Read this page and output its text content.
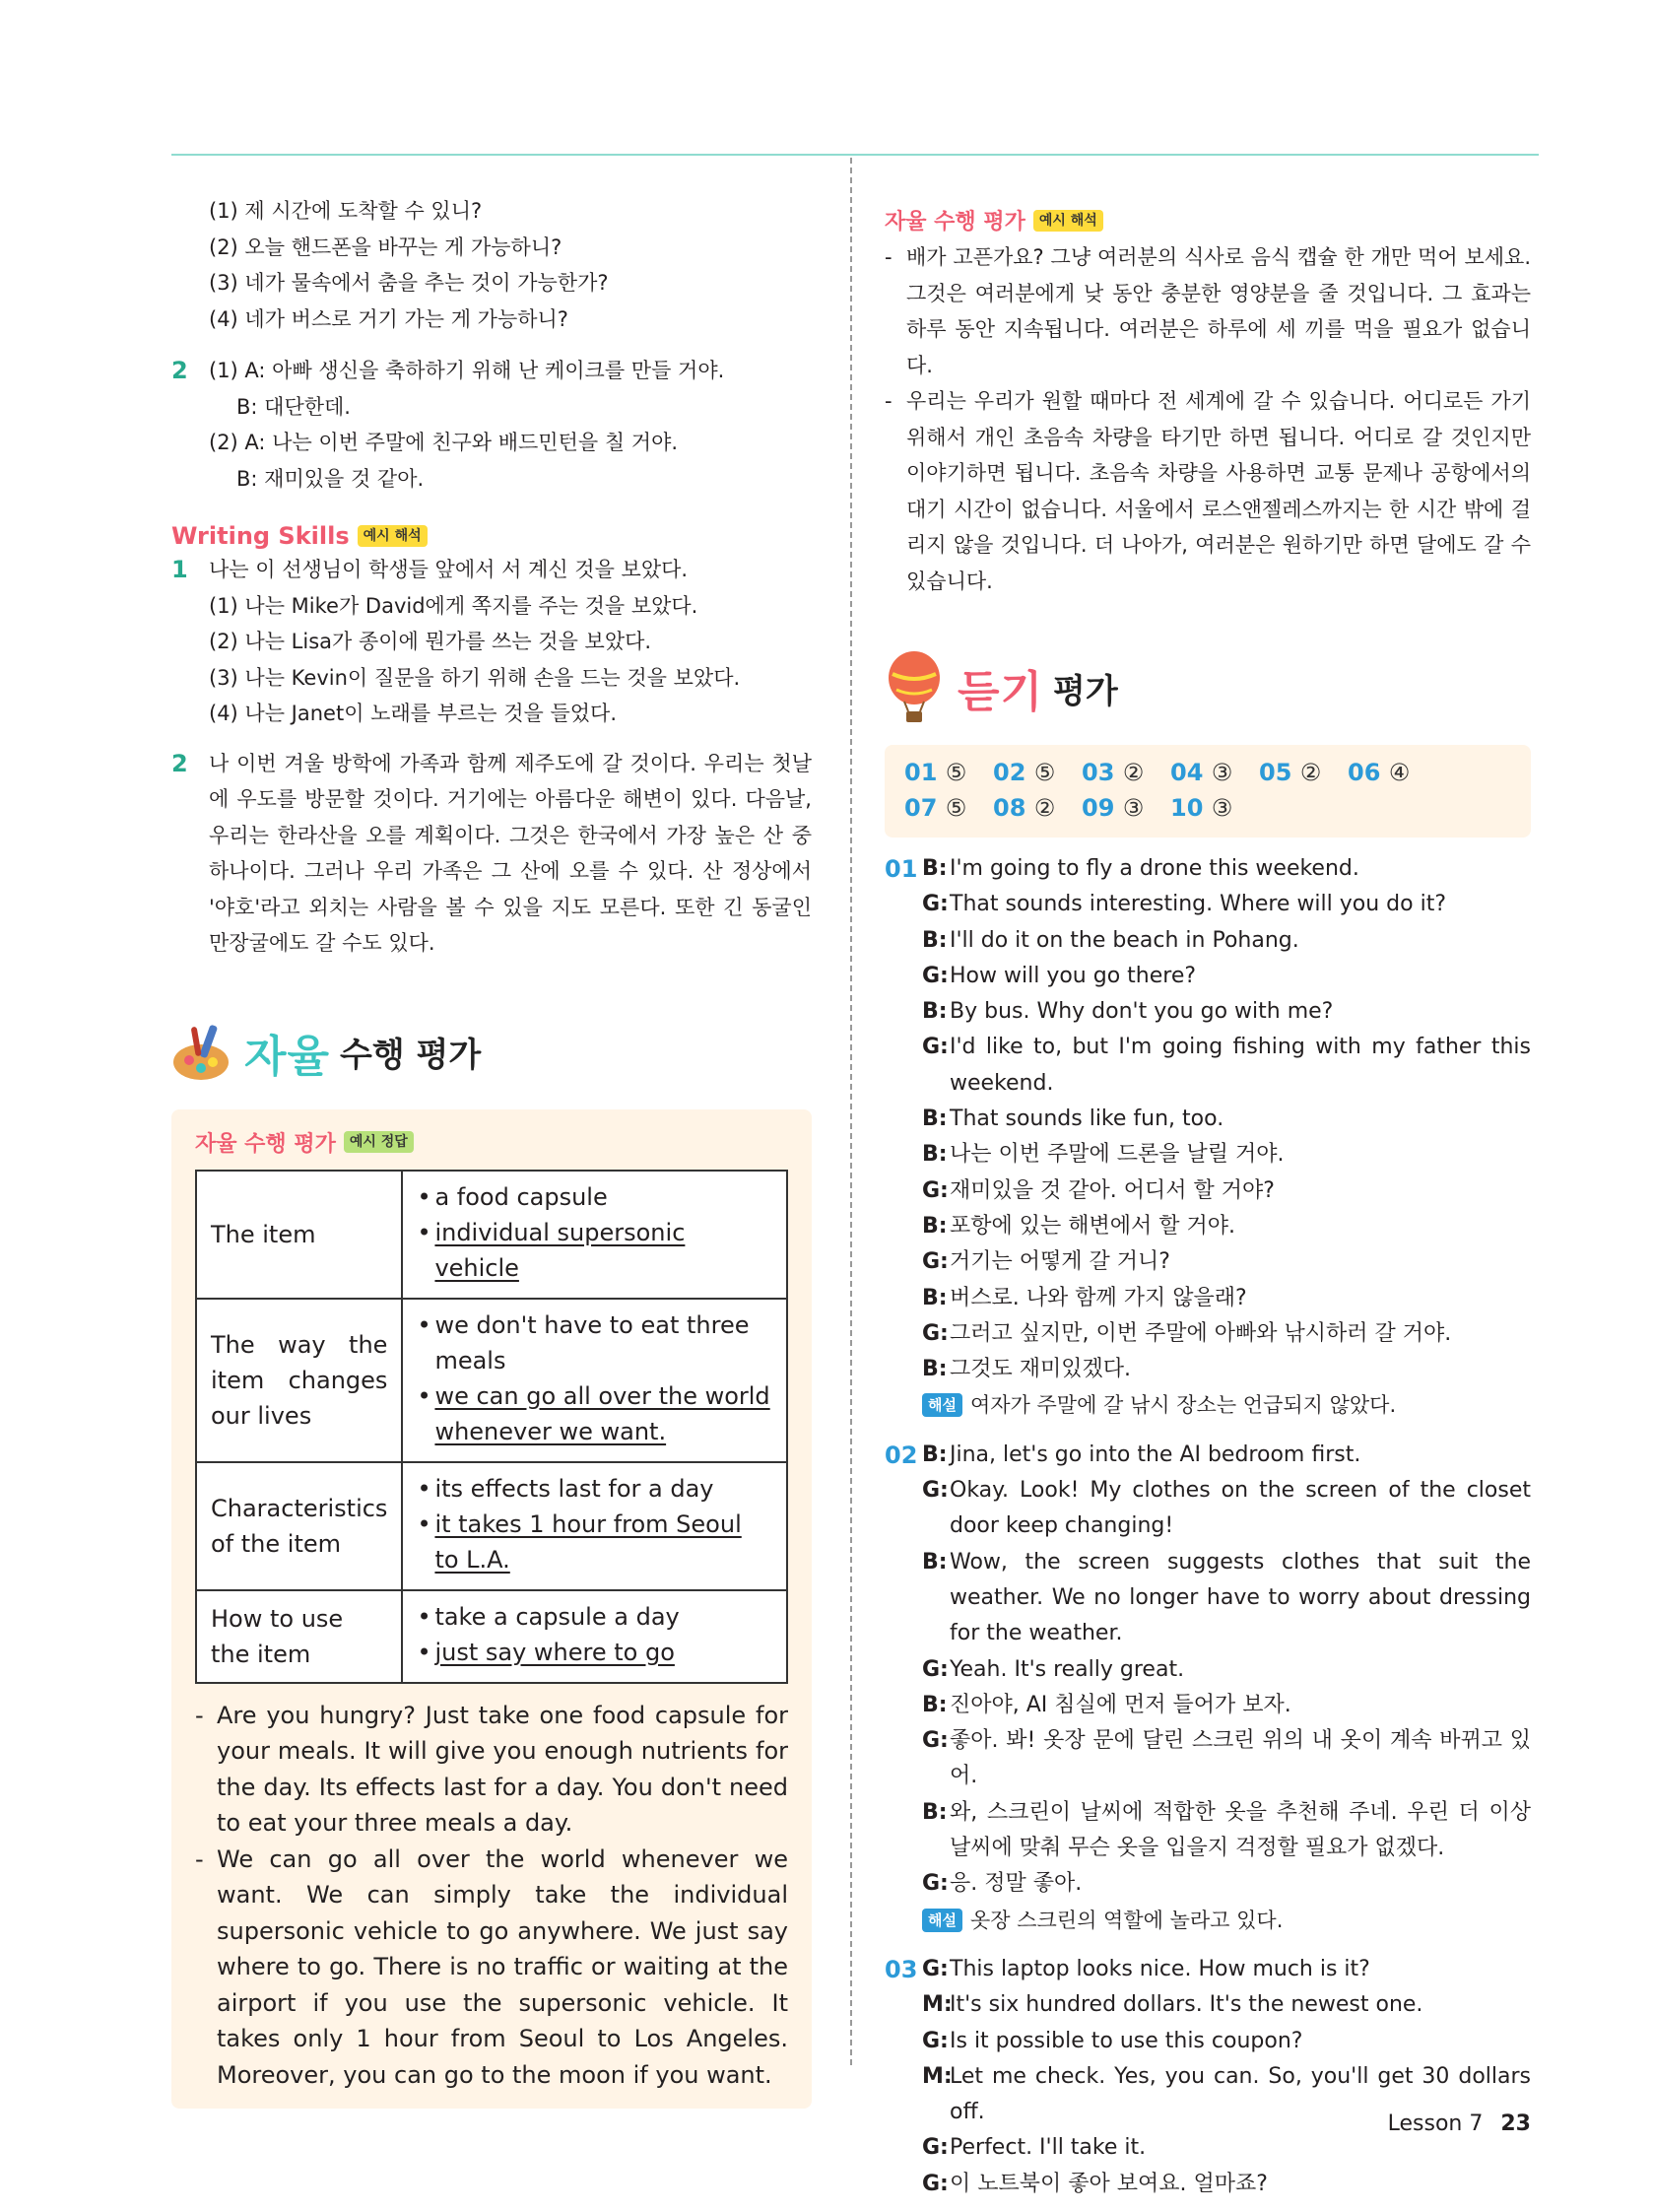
(1) 제 시간에 도착할 수 있니?
(2) 오늘 핸드폰을 바꾸는 게 가능하니?
(3) 네가 물속에서 춤을 추는 것이 가능한가?
(4) 네가 버스로 거기 가는 게 가능하니?
2	(1) A: 아빠 생신을 축하하기 위해 난 케이크를 만들 거야.
B: 대단한데.
(2) A: 나는 이번 주말에 친구와 배드민턴을 칠 거야.
B: 재미있을 것 같아.
Writing Skills	예시 해석
1	나는 이 선생님이 학생들 앞에서 서 계신 것을 보았다.
(1) 나는 Mike가 David에게 쪽지를 주는 것을 보았다.
(2) 나는 Lisa가 종이에 뭔가를 쓰는 것을 보았다.
(3) 나는 Kevin이 질문을 하기 위해 손을 드는 것을 보았다.
(4) 나는 Janet이 노래를 부르는 것을 들었다.
2	나 이번 겨울 방학에 가족과 함께 제주도에 갈 것이다. 우리는 첫날에 우도를 방문할 것이다. 거기에는 아름다운 해변이 있다. 다음날, 우리는 한라산을 오를 계획이다. 그것은 한국에서 가장 높은 산 중 하나이다. 그러나 우리 가족은 그 산에 오를 수 있다. 산 정상에서 '야호'라고 외치는 사람을 볼 수 있을 지도 모른다. 또한 긴 동굴인 만장굴에도 갈 수도 있다.
자율 수행 평가
자율 수행 평가	예시 정답
The item	• a food capsule
• individual supersonic vehicle

The way the item changes our lives	• we don't have to eat three meals
• we can go all over the world whenever we want.

Characteristics of the item	• its effects last for a day
• it takes 1 hour from Seoul to L.A.

How to use the item	• take a capsule a day
• just say where to go
- Are you hungry? Just take one food capsule for your meals. It will give you enough nutrients for the day. Its effects last for a day. You don't need to eat your three meals a day.
- We can go all over the world whenever we want. We can simply take the individual supersonic vehicle to go anywhere. We just say where to go. There is no traffic or waiting at the airport if you use the supersonic vehicle. It takes only 1 hour from Seoul to Los Angeles. Moreover, you can go to the moon if you want.
자율 수행 평가	예시 해석
- 배가 고픈가요? 그냥 여러분의 식사로 음식 캡슐 한 개만 먹어 보세요. 그것은 여러분에게 낮 동안 충분한 영양분을 줄 것입니다. 그 효과는 하루 동안 지속됩니다. 여러분은 하루에 세 끼를 먹을 필요가 없습니다.
- 우리는 우리가 원할 때마다 전 세계에 갈 수 있습니다. 어디로든 가기 위해서 개인 초음속 차량을 타기만 하면 됩니다. 어디로 갈 것인지만 이야기하면 됩니다. 초음속 차량을 사용하면 교통 문제나 공항에서의 대기 시간이 없습니다. 서울에서 로스앤젤레스까지는 한 시간 밖에 걸리지 않을 것입니다. 더 나아가, 여러분은 원하기만 하면 달에도 갈 수 있습니다.
듣기 평가
01 ⑤	02 ⑤	03 ②	04 ③	05 ②	06 ④
07 ⑤	08 ②	09 ③	10 ③
01 B: I'm going to fly a drone this weekend.
G: That sounds interesting. Where will you do it?
B: I'll do it on the beach in Pohang.
G: How will you go there?
B: By bus. Why don't you go with me?
G: I'd like to, but I'm going fishing with my father this weekend.
B: That sounds like fun, too.
B: 나는 이번 주말에 드론을 날릴 거야.
G: 재미있을 것 같아. 어디서 할 거야?
B: 포항에 있는 해변에서 할 거야.
G: 거기는 어떻게 갈 거니?
B: 버스로. 나와 함께 가지 않을래?
G: 그러고 싶지만, 이번 주말에 아빠와 낚시하러 갈 거야.
B: 그것도 재미있겠다.
해설 여자가 주말에 갈 낚시 장소는 언급되지 않았다.
02 B: Jina, let's go into the AI bedroom first.
G: Okay. Look! My clothes on the screen of the closet door keep changing!
B: Wow, the screen suggests clothes that suit the weather. We no longer have to worry about dressing for the weather.
G: Yeah. It's really great.
B: 진아야, AI 침실에 먼저 들어가 보자.
G: 좋아. 봐! 옷장 문에 달린 스크린 위의 내 옷이 계속 바뀌고 있어.
B: 와, 스크린이 날씨에 적합한 옷을 추천해 주네. 우린 더 이상 날씨에 맞춰 무슨 옷을 입을지 걱정할 필요가 없겠다.
G: 응. 정말 좋아.
해설 옷장 스크린의 역할에 놀라고 있다.
03 G: This laptop looks nice. How much is it?
M:
It's six hundred dollars. It's the newest one.
G: Is it possible to use this coupon?
M:
Let me check. Yes, you can. So, you'll get 30 dollars off.
G: Perfect. I'll take it.
G: 이 노트북이 좋아 보여요. 얼마죠?
Lesson 7 23
